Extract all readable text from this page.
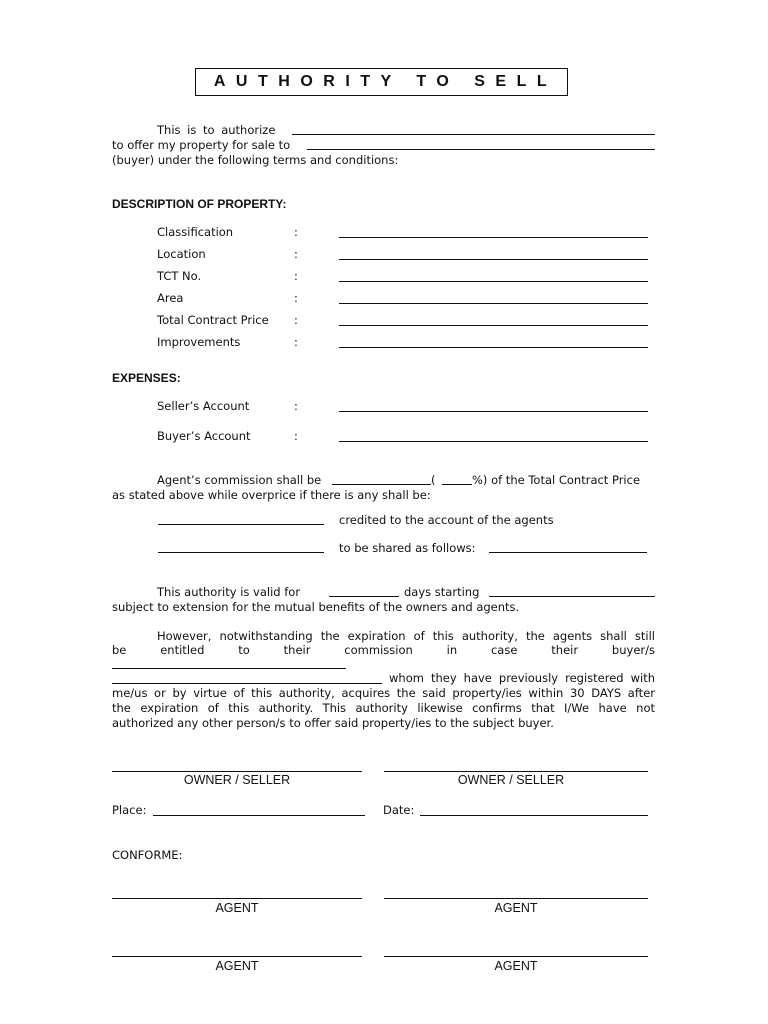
AUTHORITY TO SELL
This is to authorize
to offer my property for sale to
(buyer) under the following terms and conditions:
DESCRIPTION OF PROPERTY:
Classification	:
Location	:
TCT No.	:
Area	:
Total Contract Price :
Improvements	:
EXPENSES:
Seller’s Account	:
Buyer’s Account	:
Agent’s commission shall be	(	%) of the Total Contract Price
as stated above while overprice if there is any shall be:
credited to the account of the agents
to be shared as follows:
This authority is valid for	days starting
subject to extension for the mutual benefits of the owners and agents.
However, notwithstanding the expiration of this authority, the agents shall still
be entitled to their commission in case their buyer/s
whom they have previously registered with
me/us or by virtue of this authority, acquires the said property/ies within 30 DAYS after
the expiration of this authority. This authority likewise confirms that I/We have not
authorized any other person/s to offer said property/ies to the subject buyer.
OWNER / SELLER	OWNER / SELLER
Place:	Date:
CONFORME:
AGENT	AGENT
AGENT	AGENT
